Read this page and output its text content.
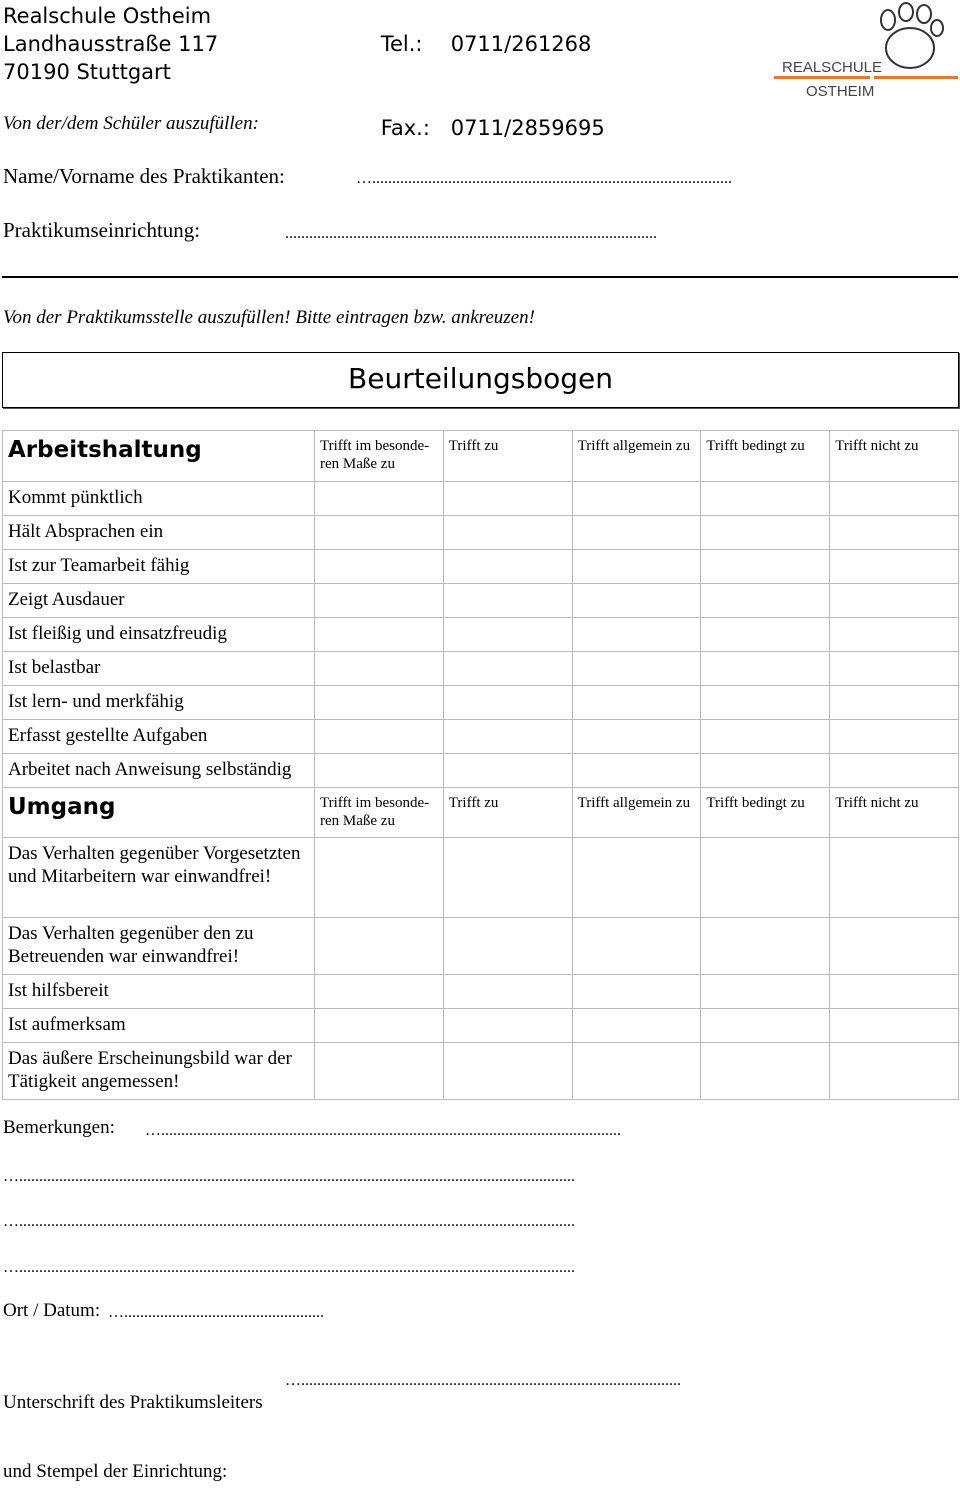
Realschule Ostheim
Landhausstraße 117
70190 Stuttgart

Tel.: 0711/261268

Fax.: 0711/2859695

REALSCHULE
OSTHEIM
Von der/dem Schüler auszufüllen:
Name/Vorname des Praktikanten:	…..........................................................................................
Praktikumseinrichtung:	.............................................................................................
Von der Praktikumsstelle auszufüllen! Bitte eintragen bzw. ankreuzen!
Beurteilungsbogen
Arbeitshaltung	Trifft im besonde-ren Maße zu	Trifft zu	Trifft allgemein zu	Trifft bedingt zu	Trifft nicht zu
Kommt pünktlich					
Hält Absprachen ein					
Ist zur Teamarbeit fähig					
Zeigt Ausdauer					
Ist fleißig und einsatzfreudig					
Ist belastbar					
Ist lern- und merkfähig					
Erfasst gestellte Aufgaben					
Arbeitet nach Anweisung selbständig					
Umgang	Trifft im besonde-ren Maße zu	Trifft zu	Trifft allgemein zu	Trifft bedingt zu	Trifft nicht zu
Das Verhalten gegenüber Vorgesetzten und Mitarbeitern war einwandfrei!					
Das Verhalten gegenüber den zu Betreuenden war einwandfrei!					
Ist hilfsbereit					
Ist aufmerksam					
Das äußere Erscheinungsbild war der Tätigkeit angemessen!					
Bemerkungen: …...................................................................................................................
…...........................................................................................................................................
…...........................................................................................................................................
…...........................................................................................................................................
Ort / Datum: …..................................................

Unterschrift des Praktikumsleiters

und Stempel der Einrichtung:

…...............................................................................................
